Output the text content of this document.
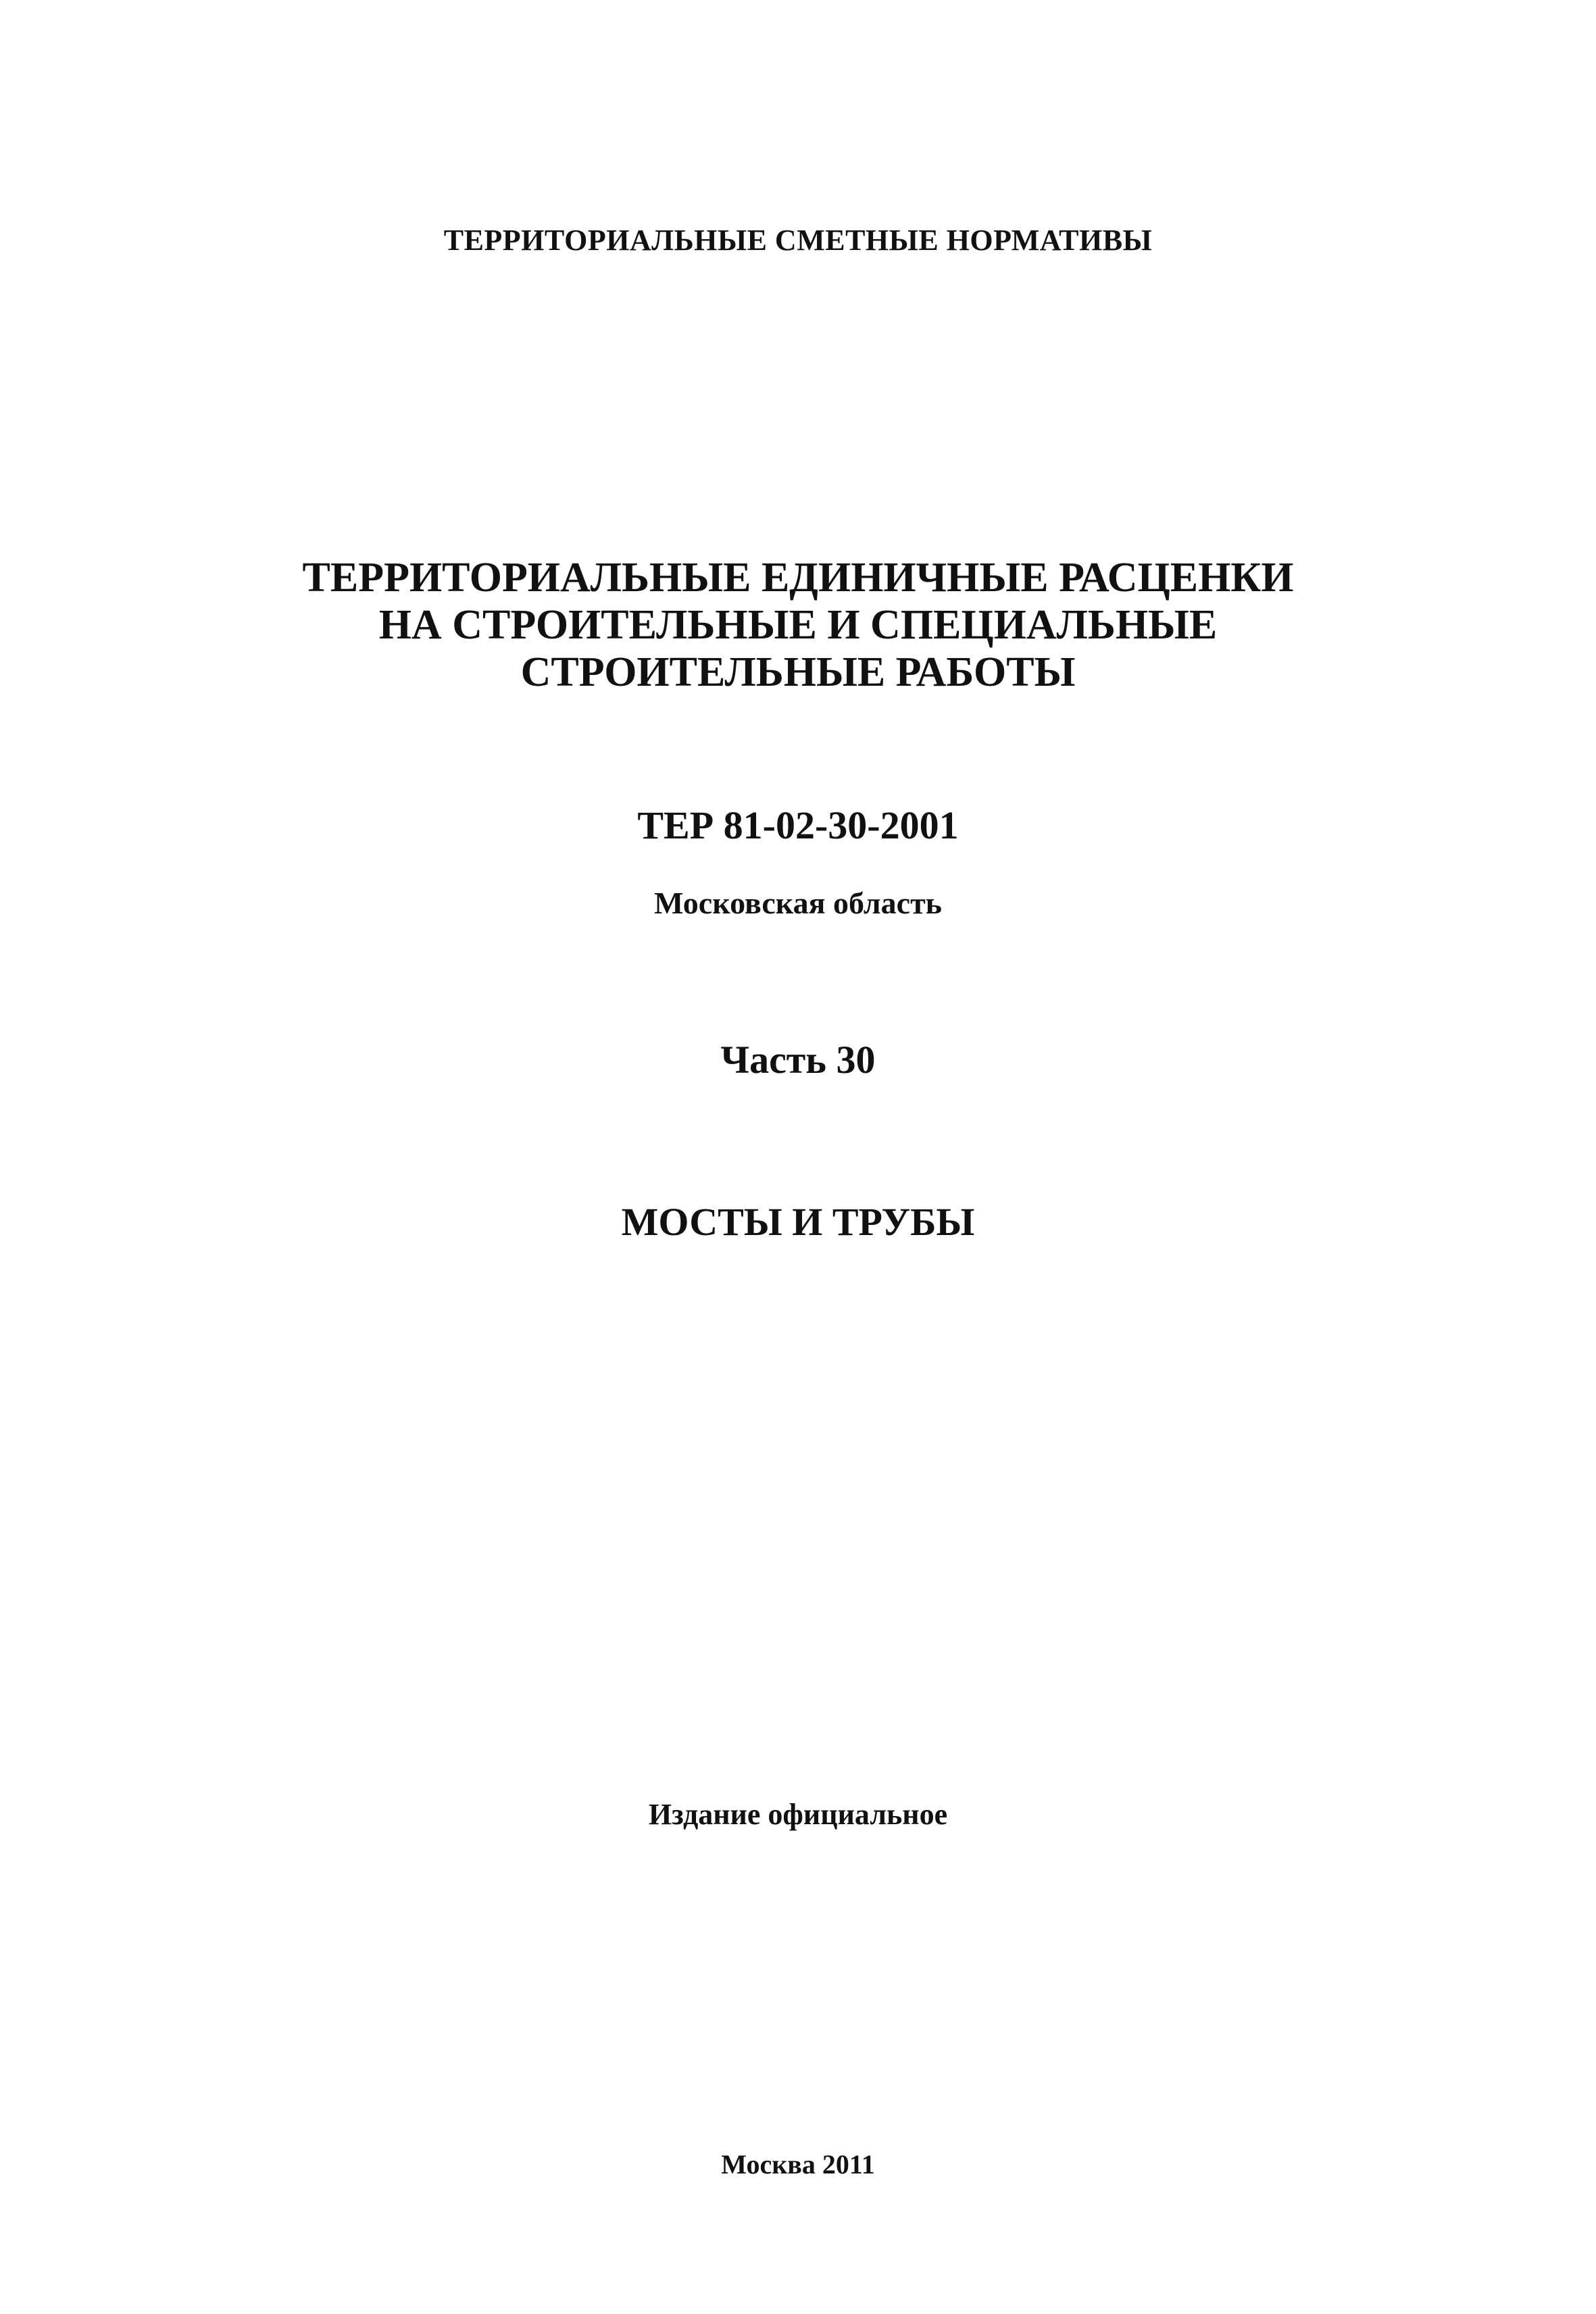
ТЕРРИТОРИАЛЬНЫЕ СМЕТНЫЕ НОРМАТИВЫ

ТЕРРИТОРИАЛЬНЫЕ ЕДИНИЧНЫЕ РАСЦЕНКИ
НА СТРОИТЕЛЬНЫЕ И СПЕЦИАЛЬНЫЕ
СТРОИТЕЛЬНЫЕ РАБОТЫ

ТЕР 81-02-30-2001

Московская область

Часть 30

МОСТЫ И ТРУБЫ

Издание официальное

Москва 2011
